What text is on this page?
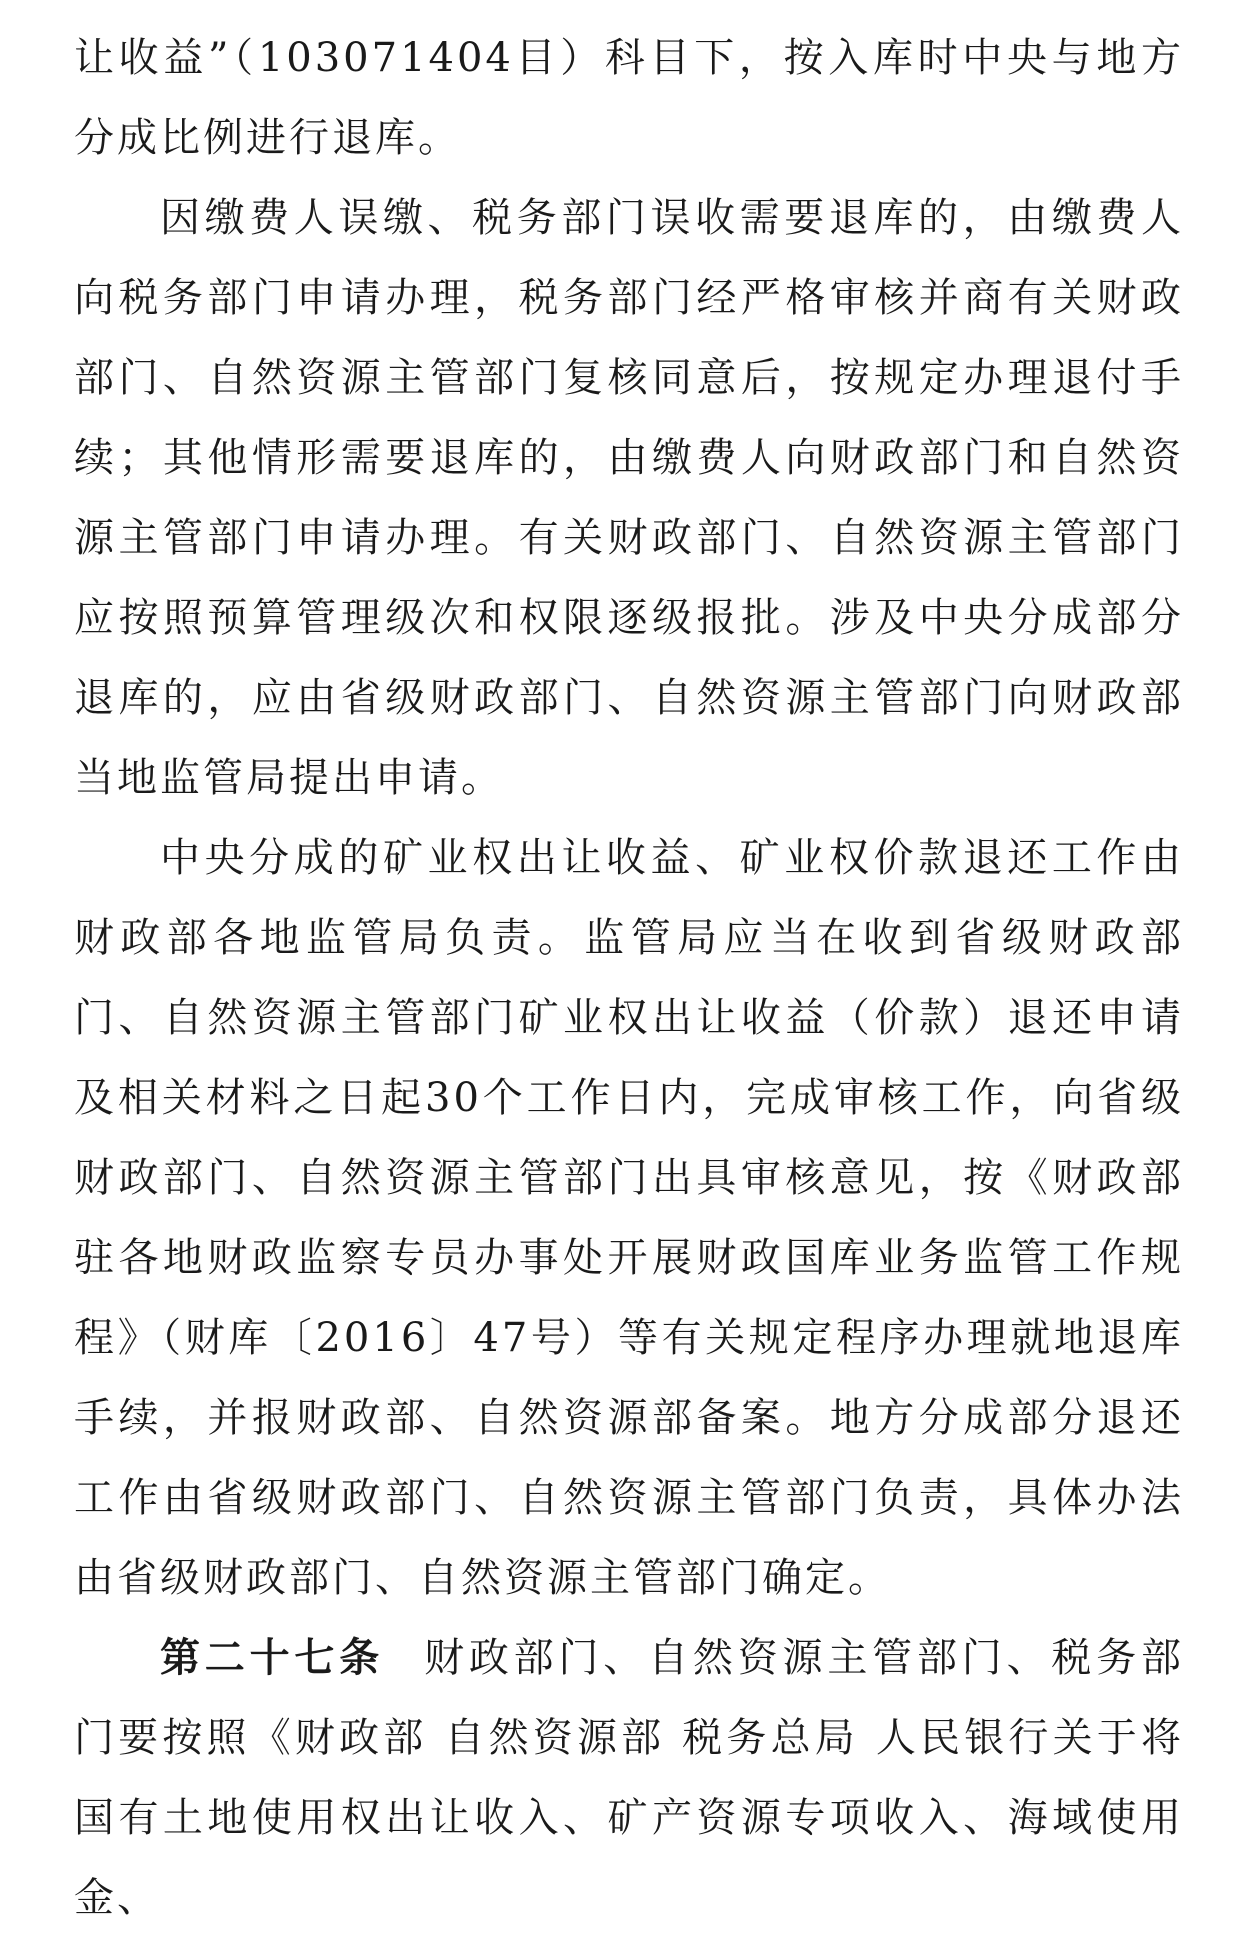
让收益”（103071404目）科目下，按入库时中央与地方分成比例进行退库。

因缴费人误缴、税务部门误收需要退库的，由缴费人向税务部门申请办理，税务部门经严格审核并商有关财政部门、自然资源主管部门复核同意后，按规定办理退付手续；其他情形需要退库的，由缴费人向财政部门和自然资源主管部门申请办理。有关财政部门、自然资源主管部门应按照预算管理级次和权限逐级报批。涉及中央分成部分退库的，应由省级财政部门、自然资源主管部门向财政部当地监管局提出申请。

中央分成的矿业权出让收益、矿业权价款退还工作由财政部各地监管局负责。监管局应当在收到省级财政部门、自然资源主管部门矿业权出让收益（价款）退还申请及相关材料之日起30个工作日内，完成审核工作，向省级财政部门、自然资源主管部门出具审核意见，按《财政部驻各地财政监察专员办事处开展财政国库业务监管工作规程》（财库〔2016〕47号）等有关规定程序办理就地退库手续，并报财政部、自然资源部备案。地方分成部分退还工作由省级财政部门、自然资源主管部门负责，具体办法由省级财政部门、自然资源主管部门确定。

第二十七条 财政部门、自然资源主管部门、税务部门要按照《财政部 自然资源部 税务总局 人民银行关于将国有土地使用权出让收入、矿产资源专项收入、海域使用金、
